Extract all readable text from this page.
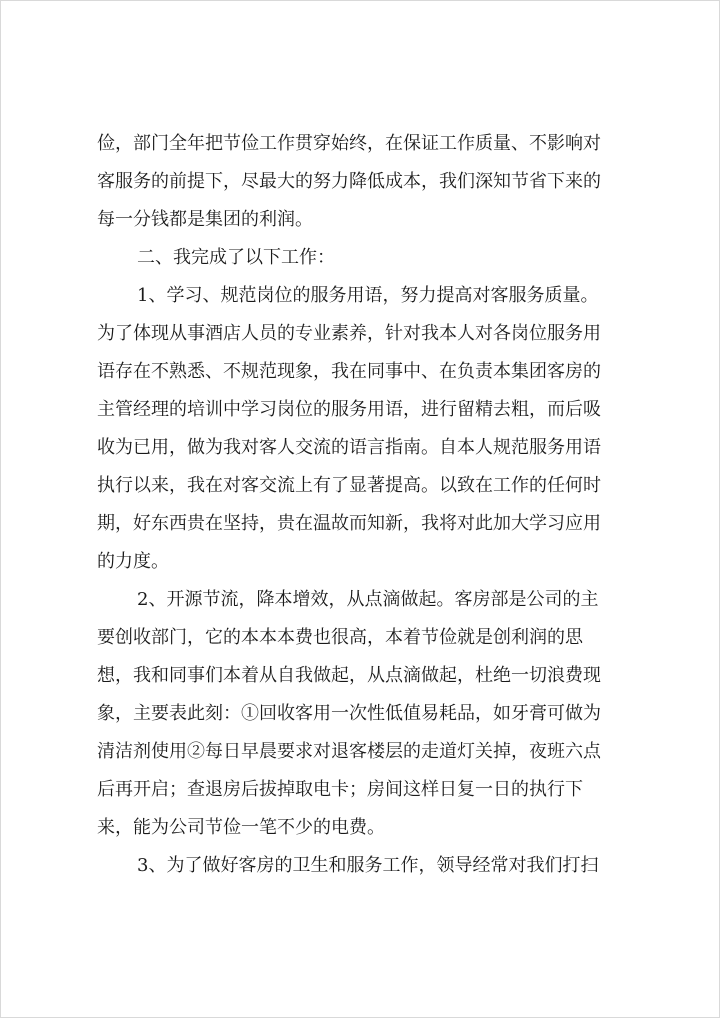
俭，部门全年把节俭工作贯穿始终，在保证工作质量、不影响对
客服务的前提下，尽最大的努力降低成本，我们深知节省下来的
每一分钱都是集团的利润。
二、我完成了以下工作：
1、学习、规范岗位的服务用语，努力提高对客服务质量。
为了体现从事酒店人员的专业素养，针对我本人对各岗位服务用
语存在不熟悉、不规范现象，我在同事中、在负责本集团客房的
主管经理的培训中学习岗位的服务用语，进行留精去粗，而后吸
收为已用，做为我对客人交流的语言指南。自本人规范服务用语
执行以来，我在对客交流上有了显著提高。以致在工作的任何时
期，好东西贵在坚持，贵在温故而知新，我将对此加大学习应用
的力度。
2、开源节流，降本增效，从点滴做起。客房部是公司的主
要创收部门，它的本本本费也很高，本着节俭就是创利润的思
想，我和同事们本着从自我做起，从点滴做起，杜绝一切浪费现
象，主要表此刻：①回收客用一次性低值易耗品，如牙膏可做为
清洁剂使用②每日早晨要求对退客楼层的走道灯关掉，夜班六点
后再开启；查退房后拔掉取电卡；房间这样日复一日的执行下
来，能为公司节俭一笔不少的电费。
3、为了做好客房的卫生和服务工作，领导经常对我们打扫
